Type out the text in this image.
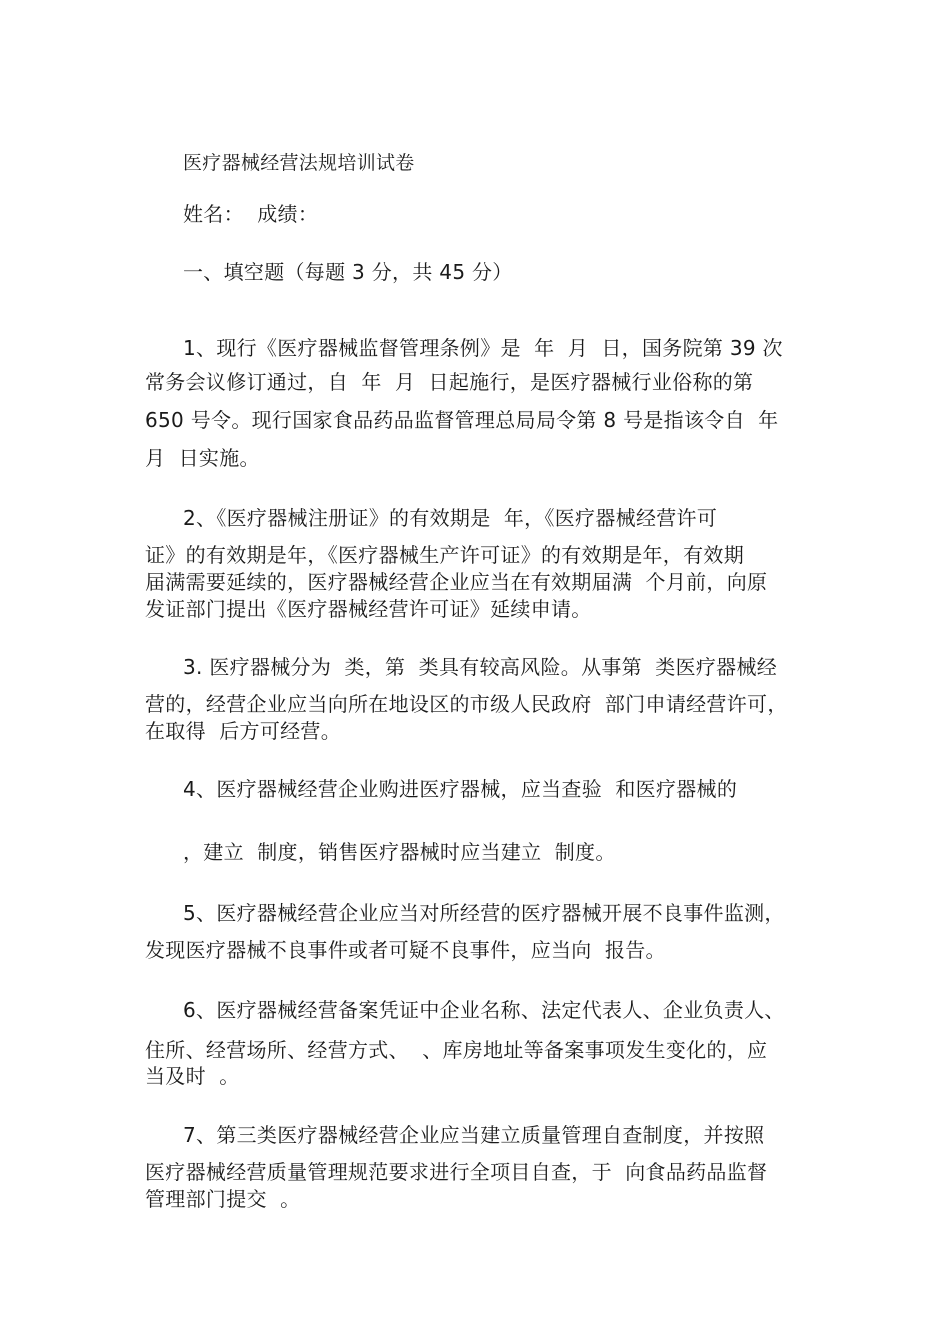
医疗器械经营法规培训试卷
姓名：  成绩：
一、填空题（每题 3 分，共 45 分）
1、现行《医疗器械监督管理条例》是  年  月  日，国务院第 39 次
常务会议修订通过，自  年  月  日起施行，是医疗器械行业俗称的第
650 号令。现行国家食品药品监督管理总局局令第 8 号是指该令自  年
月  日实施。
2、《医疗器械注册证》的有效期是  年，《医疗器械经营许可
证》的有效期是年，《医疗器械生产许可证》的有效期是年，有效期
届满需要延续的，医疗器械经营企业应当在有效期届满  个月前，向原
发证部门提出《医疗器械经营许可证》延续申请。
3. 医疗器械分为  类，第  类具有较高风险。从事第  类医疗器械经
营的，经营企业应当向所在地设区的市级人民政府  部门申请经营许可，
在取得  后方可经营。
4、医疗器械经营企业购进医疗器械，应当查验  和医疗器械的
，建立  制度，销售医疗器械时应当建立  制度。
5、医疗器械经营企业应当对所经营的医疗器械开展不良事件监测，
发现医疗器械不良事件或者可疑不良事件，应当向  报告。
6、医疗器械经营备案凭证中企业名称、法定代表人、企业负责人、
住所、经营场所、经营方式、  、库房地址等备案事项发生变化的，应
当及时  。
7、第三类医疗器械经营企业应当建立质量管理自查制度，并按照
医疗器械经营质量管理规范要求进行全项目自查，于  向食品药品监督
管理部门提交  。
